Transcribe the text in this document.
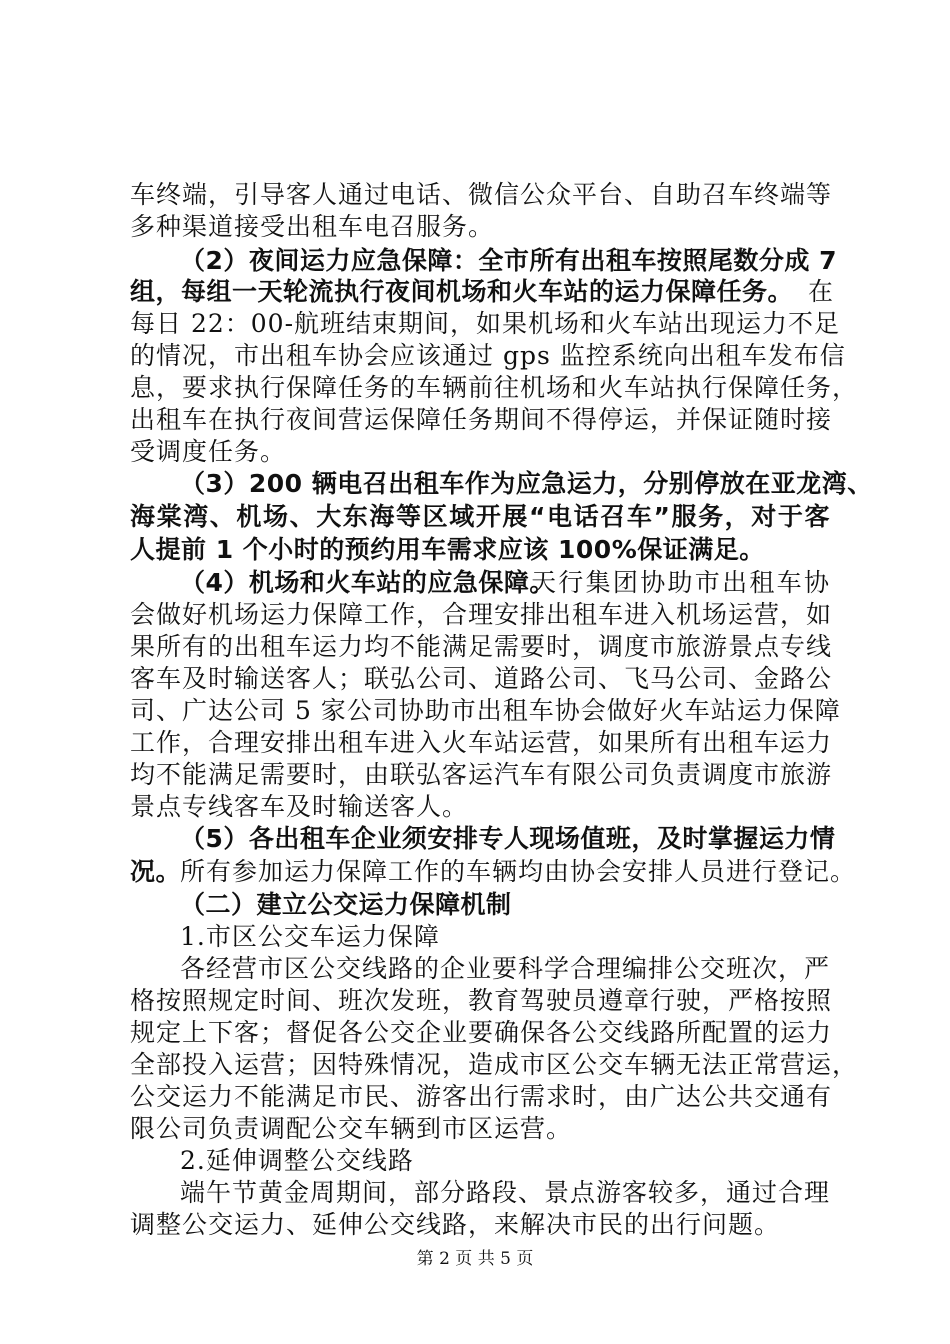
车终端，引导客人通过电话、微信公众平台、自助召车终端等
多种渠道接受出租车电召服务。
（2）夜间运力应急保障：全市所有出租车按照尾数分成 7
组，每组一天轮流执行夜间机场和火车站的运力保障任务。 在
每日 22：00-航班结束期间，如果机场和火车站出现运力不足
的情况，市出租车协会应该通过 gps 监控系统向出租车发布信
息，要求执行保障任务的车辆前往机场和火车站执行保障任务，
出租车在执行夜间营运保障任务期间不得停运，并保证随时接
受调度任务。
（3）200 辆电召出租车作为应急运力，分别停放在亚龙湾、
海棠湾、机场、大东海等区域开展“电话召车”服务，对于客
人提前 1 个小时的预约用车需求应该 100%保证满足。
（4）机场和火车站的应急保障。
天行集团协助市出租车协
会做好机场运力保障工作，合理安排出租车进入机场运营，如
果所有的出租车运力均不能满足需要时，调度市旅游景点专线
客车及时输送客人；联弘公司、道路公司、飞马公司、金路公
司、广达公司 5 家公司协助市出租车协会做好火车站运力保障
工作，合理安排出租车进入火车站运营，如果所有出租车运力
均不能满足需要时，由联弘客运汽车有限公司负责调度市旅游
景点专线客车及时输送客人。
（5）各出租车企业须安排专人现场值班，及时掌握运力情
况。
所有参加运力保障工作的车辆均由协会安排人员进行登记。
（二）建立公交运力保障机制
1.市区公交车运力保障
各经营市区公交线路的企业要科学合理编排公交班次，严
格按照规定时间、班次发班，教育驾驶员遵章行驶，严格按照
规定上下客；督促各公交企业要确保各公交线路所配置的运力
全部投入运营；因特殊情况，造成市区公交车辆无法正常营运，
公交运力不能满足市民、游客出行需求时，由广达公共交通有
限公司负责调配公交车辆到市区运营。
2.延伸调整公交线路
第 2 页 共 5 页
端午节黄金周期间，部分路段、景点游客较多，通过合理
调整公交运力、延伸公交线路，来解决市民的出行问题。
